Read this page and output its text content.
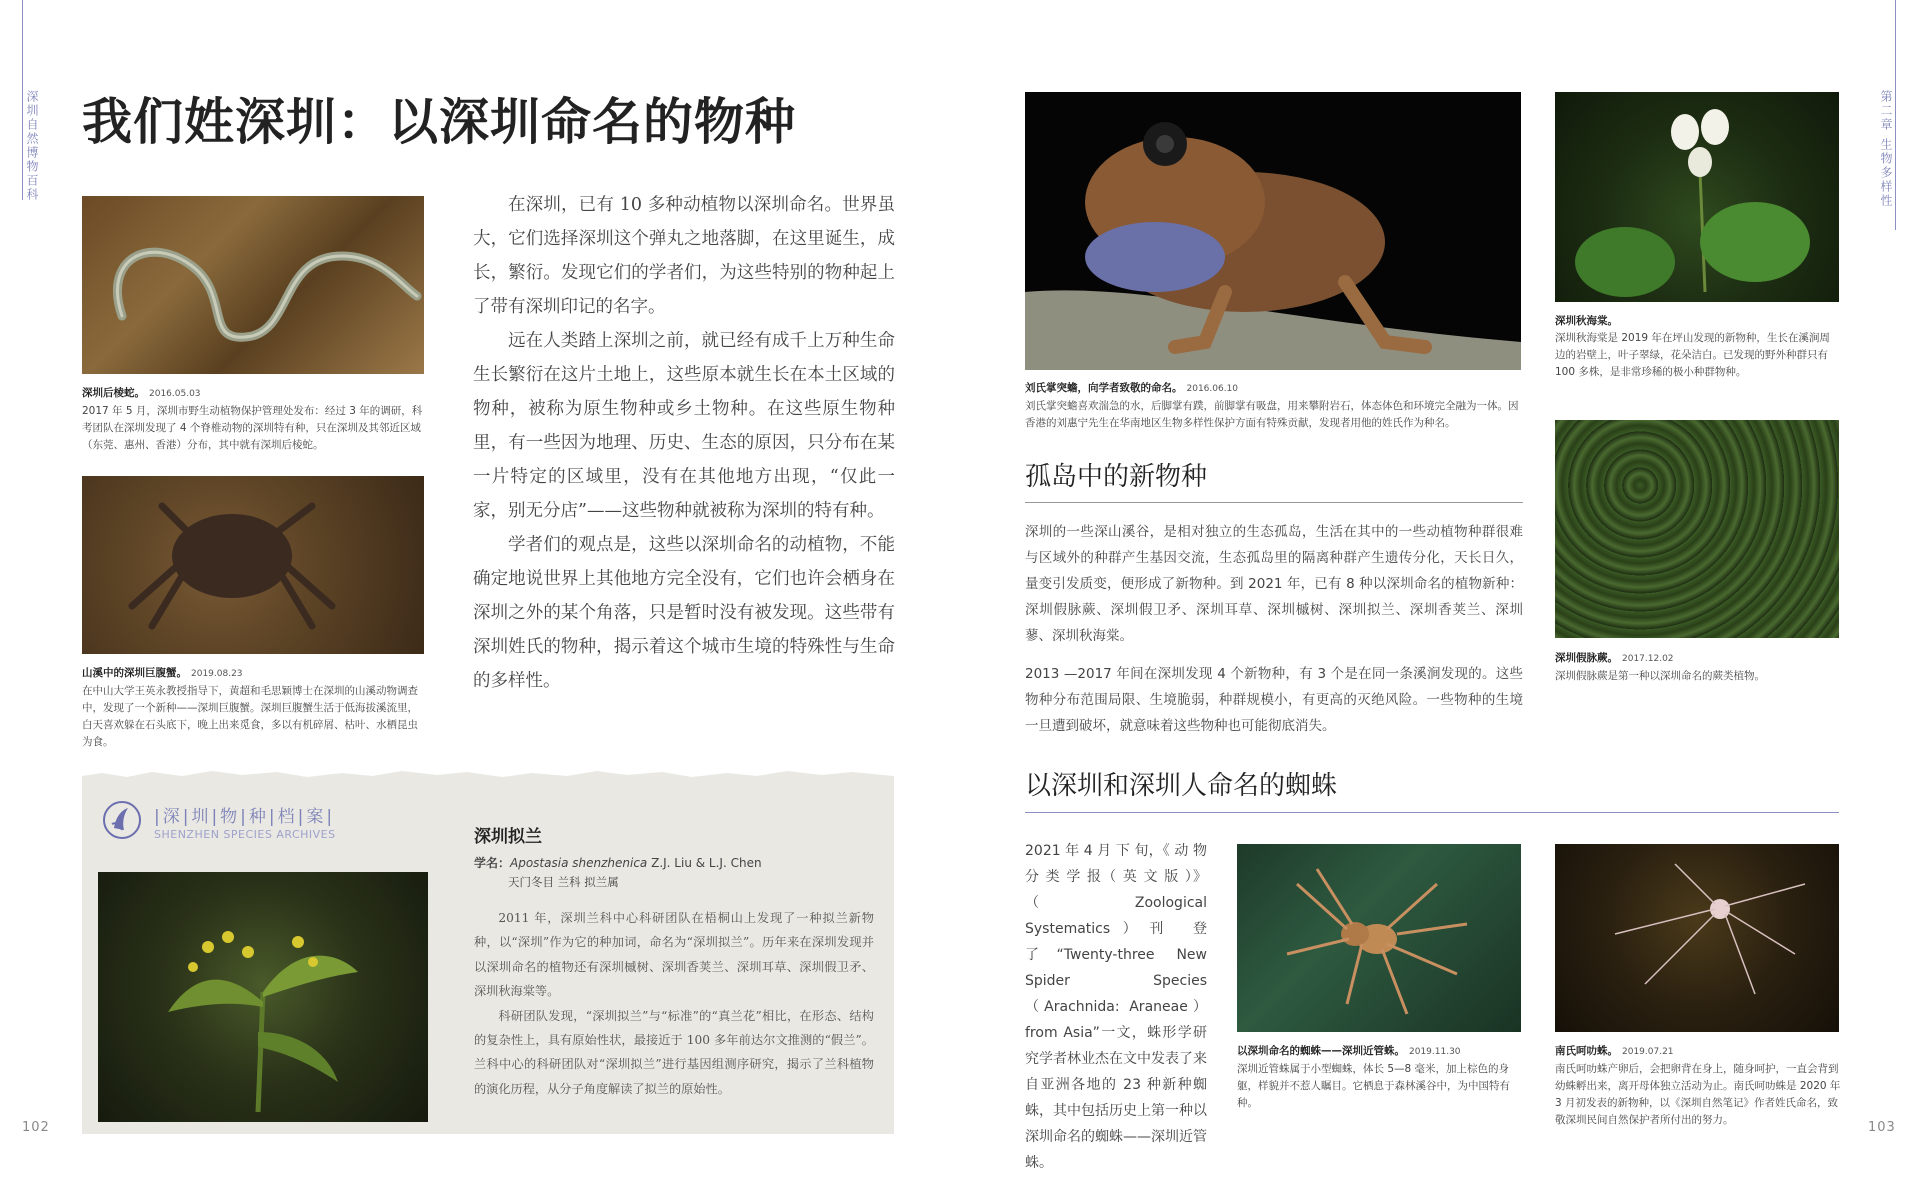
深圳自然博物百科 我们姓深圳：以深圳命名的物种
深圳后棱蛇。 2016.05.03
2017 年 5 月，深圳市野生动植物保护管理处发布：经过 3 年的调研，科考团队在深圳发现了 4 个脊椎动物的深圳特有种，只在深圳及其邻近区域（东莞、惠州、香港）分布，其中就有深圳后棱蛇。
山溪中的深圳巨腹蟹。 2019.08.23
在中山大学王英永教授指导下，黄超和毛思颖博士在深圳的山溪动物调查中，发现了一个新种——深圳巨腹蟹。深圳巨腹蟹生活于低海拔溪流里，白天喜欢躲在石头底下，晚上出来觅食，多以有机碎屑、枯叶、水栖昆虫为食。

在深圳，已有 10 多种动植物以深圳命名。世界虽大，它们选择深圳这个弹丸之地落脚，在这里诞生，成长，繁衍。发现它们的学者们，为这些特别的物种起上了带有深圳印记的名字。

远在人类踏上深圳之前，就已经有成千上万种生命生长繁衍在这片土地上，这些原本就生长在本土区域的物种，被称为原生物种或乡土物种。在这些原生物种里，有一些因为地理、历史、生态的原因，只分布在某一片特定的区域里，没有在其他地方出现，“仅此一家，别无分店”——这些物种就被称为深圳的特有种。

学者们的观点是，这些以深圳命名的动植物，不能确定地说世界上其他地方完全没有，它们也许会栖身在深圳之外的某个角落，只是暂时没有被发现。这些带有深圳姓氏的物种，揭示着这个城市生境的特殊性与生命的多样性。

|深|圳|物|种|档|案|
SHENZHEN SPECIES ARCHIVES	深圳拟兰
学名：Apostasia shenzhenica Z.J. Liu & L.J. Chen
天门冬目 兰科 拟兰属

2011 年，深圳兰科中心科研团队在梧桐山上发现了一种拟兰新物种，以“深圳”作为它的种加词，命名为“深圳拟兰”。历年来在深圳发现并以深圳命名的植物还有深圳槭树、深圳香荚兰、深圳耳草、深圳假卫矛、深圳秋海棠等。

科研团队发现，“深圳拟兰”与“标准”的“真兰花”相比，在形态、结构的复杂性上，具有原始性状，最接近于 100 多年前达尔文推测的“假兰”。兰科中心的科研团队对“深圳拟兰”进行基因组测序研究，揭示了兰科植物的演化历程，从分子角度解读了拟兰的原始性。

102
第二章 生物多样性
刘氏掌突蟾，向学者致敬的命名。 2016.06.10
刘氏掌突蟾喜欢湍急的水，后脚掌有蹼，前脚掌有吸盘，用来攀附岩石，体态体色和环境完全融为一体。因香港的刘惠宁先生在华南地区生物多样性保护方面有特殊贡献，发现者用他的姓氏作为种名。
深圳秋海棠。
深圳秋海棠是 2019 年在坪山发现的新物种，生长在溪涧周边的岩壁上，叶子翠绿，花朵洁白。已发现的野外种群只有 100 多株，是非常珍稀的极小种群物种。
深圳假脉蕨。 2017.12.02
深圳假脉蕨是第一种以深圳命名的蕨类植物。
孤岛中的新物种

深圳的一些深山溪谷，是相对独立的生态孤岛，生活在其中的一些动植物种群很难与区域外的种群产生基因交流，生态孤岛里的隔离种群产生遗传分化，天长日久，量变引发质变，便形成了新物种。到 2021 年，已有 8 种以深圳命名的植物新种：深圳假脉蕨、深圳假卫矛、深圳耳草、深圳槭树、深圳拟兰、深圳香荚兰、深圳蓼、深圳秋海棠。

2013 —2017 年间在深圳发现 4 个新物种，有 3 个是在同一条溪涧发现的。这些物种分布范围局限、生境脆弱，种群规模小，有更高的灭绝风险。一些物种的生境一旦遭到破坏，就意味着这些物种也可能彻底消失。

以深圳和深圳人命名的蜘蛛
2021 年 4 月 下 旬，《 动 物 分 类 学 报（ 英 文 版 ）》（Zoological Systematics）刊 登 了“Twenty-three New Spider Species（Arachnida: Araneae）from Asia”一文，蛛形学研究学者林业杰在文中发表了来自亚洲各地的 23 种新种蜘蛛，其中包括历史上第一种以深圳命名的蜘蛛——深圳近管蛛。
以深圳命名的蜘蛛——深圳近管蛛。 2019.11.30
深圳近管蛛属于小型蜘蛛，体长 5—8 毫米，加上棕色的身躯，样貌并不惹人瞩目。它栖息于森林溪谷中，为中国特有种。
南氏呵叻蛛。 2019.07.21
南氏呵叻蛛产卵后，会把卵背在身上，随身呵护，一直会背到幼蛛孵出来，离开母体独立活动为止。南氏呵叻蛛是 2020 年 3 月初发表的新物种，以《深圳自然笔记》作者姓氏命名，致敬深圳民间自然保护者所付出的努力。	103
